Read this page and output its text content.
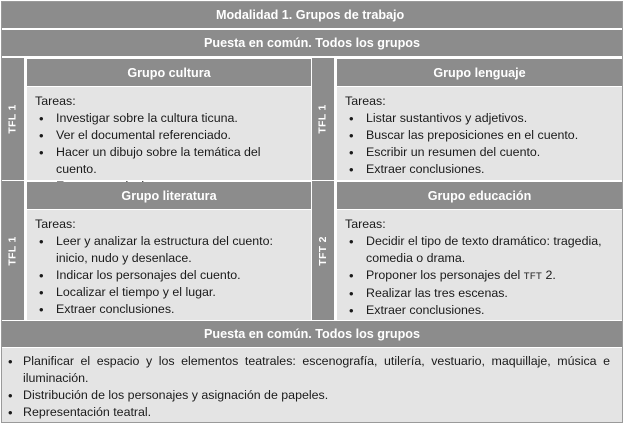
Modalidad 1. Grupos de trabajo
Puesta en común. Todos los grupos
TFL 1
Grupo cultura
Tareas:
• Investigar sobre la cultura ticuna.
• Ver el documental referenciado.
• Hacer un dibujo sobre la temática del cuento.
•
TFL 1
Grupo lenguaje
Tareas:
• Listar sustantivos y adjetivos.
• Buscar las preposiciones en el cuento.
• Escribir un resumen del cuento.
• Extraer conclusiones.
TFL 1
Grupo literatura
Tareas:
• Leer y analizar la estructura del cuento: inicio, nudo y desenlace.
• Indicar los personajes del cuento.
• Localizar el tiempo y el lugar.
• Extraer conclusiones.
TFT 2
Grupo educación
Tareas:
• Decidir el tipo de texto dramático: tragedia, comedia o drama.
• Proponer los personajes del TFT 2.
• Realizar las tres escenas.
• Extraer conclusiones.
Puesta en común. Todos los grupos
• Planificar el espacio y los elementos teatrales: escenografía, utilería, vestuario, maquillaje, música e iluminación.
• Distribución de los personajes y asignación de papeles.
• Representación teatral.
